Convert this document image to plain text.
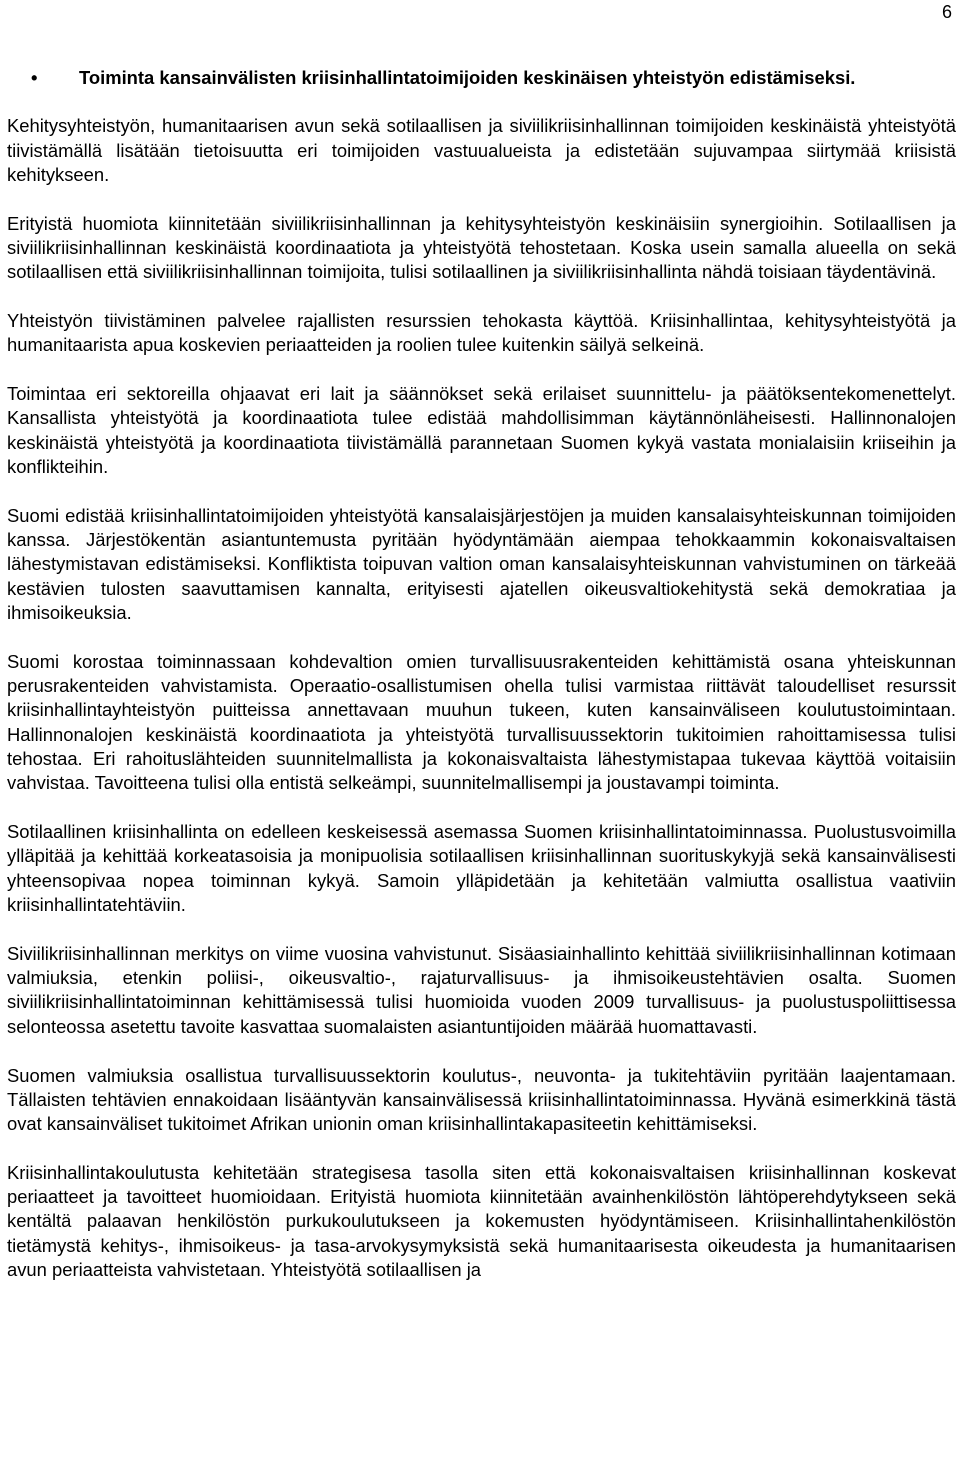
6
• Toiminta kansainvälisten kriisinhallintatoimijoiden keskinäisen yhteistyön edistämiseksi.

Kehitysyhteistyön, humanitaarisen avun sekä sotilaallisen ja siviilikriisinhallinnan toimijoiden keskinäistä yhteistyötä tiivistämällä lisätään tietoisuutta eri toimijoiden vastuualueista ja edistetään sujuvampaa siirtymää kriisistä kehitykseen.

Erityistä huomiota kiinnitetään siviilikriisinhallinnan ja kehitysyhteistyön keskinäisiin synergioihin. Sotilaallisen ja siviilikriisinhallinnan keskinäistä koordinaatiota ja yhteistyötä tehostetaan. Koska usein samalla alueella on sekä sotilaallisen että siviilikriisinhallinnan toimijoita, tulisi sotilaallinen ja siviilikriisinhallinta nähdä toisiaan täydentävinä.

Yhteistyön tiivistäminen palvelee rajallisten resurssien tehokasta käyttöä. Kriisinhallintaa, kehitysyhteistyötä ja humanitaarista apua koskevien periaatteiden ja roolien tulee kuitenkin säilyä selkeinä.

Toimintaa eri sektoreilla ohjaavat eri lait ja säännökset sekä erilaiset suunnittelu- ja päätöksentekomenettelyt. Kansallista yhteistyötä ja koordinaatiota tulee edistää mahdollisimman käytännönläheisesti. Hallinnonalojen keskinäistä yhteistyötä ja koordinaatiota tiivistämällä parannetaan Suomen kykyä vastata monialaisiin kriiseihin ja konflikteihin.

Suomi edistää kriisinhallintatoimijoiden yhteistyötä kansalaisjärjestöjen ja muiden kansalaisyhteiskunnan toimijoiden kanssa. Järjestökentän asiantuntemusta pyritään hyödyntämään aiempaa tehokkaammin kokonaisvaltaisen lähestymistavan edistämiseksi. Konfliktista toipuvan valtion oman kansalaisyhteiskunnan vahvistuminen on tärkeää kestävien tulosten saavuttamisen kannalta, erityisesti ajatellen oikeusvaltiokehitystä sekä demokratiaa ja ihmisoikeuksia.

Suomi korostaa toiminnassaan kohdevaltion omien turvallisuusrakenteiden kehittämistä osana yhteiskunnan perusrakenteiden vahvistamista. Operaatio-osallistumisen ohella tulisi varmistaa riittävät taloudelliset resurssit kriisinhallintayhteistyön puitteissa annettavaan muuhun tukeen, kuten kansainväliseen koulutustoimintaan. Hallinnonalojen keskinäistä koordinaatiota ja yhteistyötä turvallisuussektorin tukitoimien rahoittamisessa tulisi tehostaa. Eri rahoituslähteiden suunnitelmallista ja kokonaisvaltaista lähestymistapaa tukevaa käyttöä voitaisiin vahvistaa. Tavoitteena tulisi olla entistä selkeämpi, suunnitelmallisempi ja joustavampi toiminta.

Sotilaallinen kriisinhallinta on edelleen keskeisessä asemassa Suomen kriisinhallintatoiminnassa. Puolustusvoimilla ylläpitää ja kehittää korkeatasoisia ja monipuolisia sotilaallisen kriisinhallinnan suorituskykyjä sekä kansainvälisesti yhteensopivaa nopea toiminnan kykyä. Samoin ylläpidetään ja kehitetään valmiutta osallistua vaativiin kriisinhallintatehtäviin.

Siviilikriisinhallinnan merkitys on viime vuosina vahvistunut. Sisäasiainhallinto kehittää siviilikriisinhallinnan kotimaan valmiuksia, etenkin poliisi-, oikeusvaltio-, rajaturvallisuus- ja ihmisoikeustehtävien osalta. Suomen siviilikriisinhallintatoiminnan kehittämisessä tulisi huomioida vuoden 2009 turvallisuus- ja puolustuspoliittisessa selonteossa asetettu tavoite kasvattaa suomalaisten asiantuntijoiden määrää huomattavasti.

Suomen valmiuksia osallistua turvallisuussektorin koulutus-, neuvonta- ja tukitehtäviin pyritään laajentamaan. Tällaisten tehtävien ennakoidaan lisääntyvän kansainvälisessä kriisinhallintatoiminnassa. Hyvänä esimerkkinä tästä ovat kansainväliset tukitoimet Afrikan unionin oman kriisinhallintakapasiteetin kehittämiseksi.

Kriisinhallintakoulutusta kehitetään strategisesa tasolla siten että kokonaisvaltaisen kriisinhallinnan koskevat periaatteet ja tavoitteet huomioidaan. Erityistä huomiota kiinnitetään avainhenkilöstön lähtöperehdytykseen sekä kentältä palaavan henkilöstön purkukoulutukseen ja kokemusten hyödyntämiseen. Kriisinhallintahenkilöstön tietämystä kehitys-, ihmisoikeus- ja tasa-arvokysymyksistä sekä humanitaarisesta oikeudesta ja humanitaarisen avun periaatteista vahvistetaan. Yhteistyötä sotilaallisen ja
